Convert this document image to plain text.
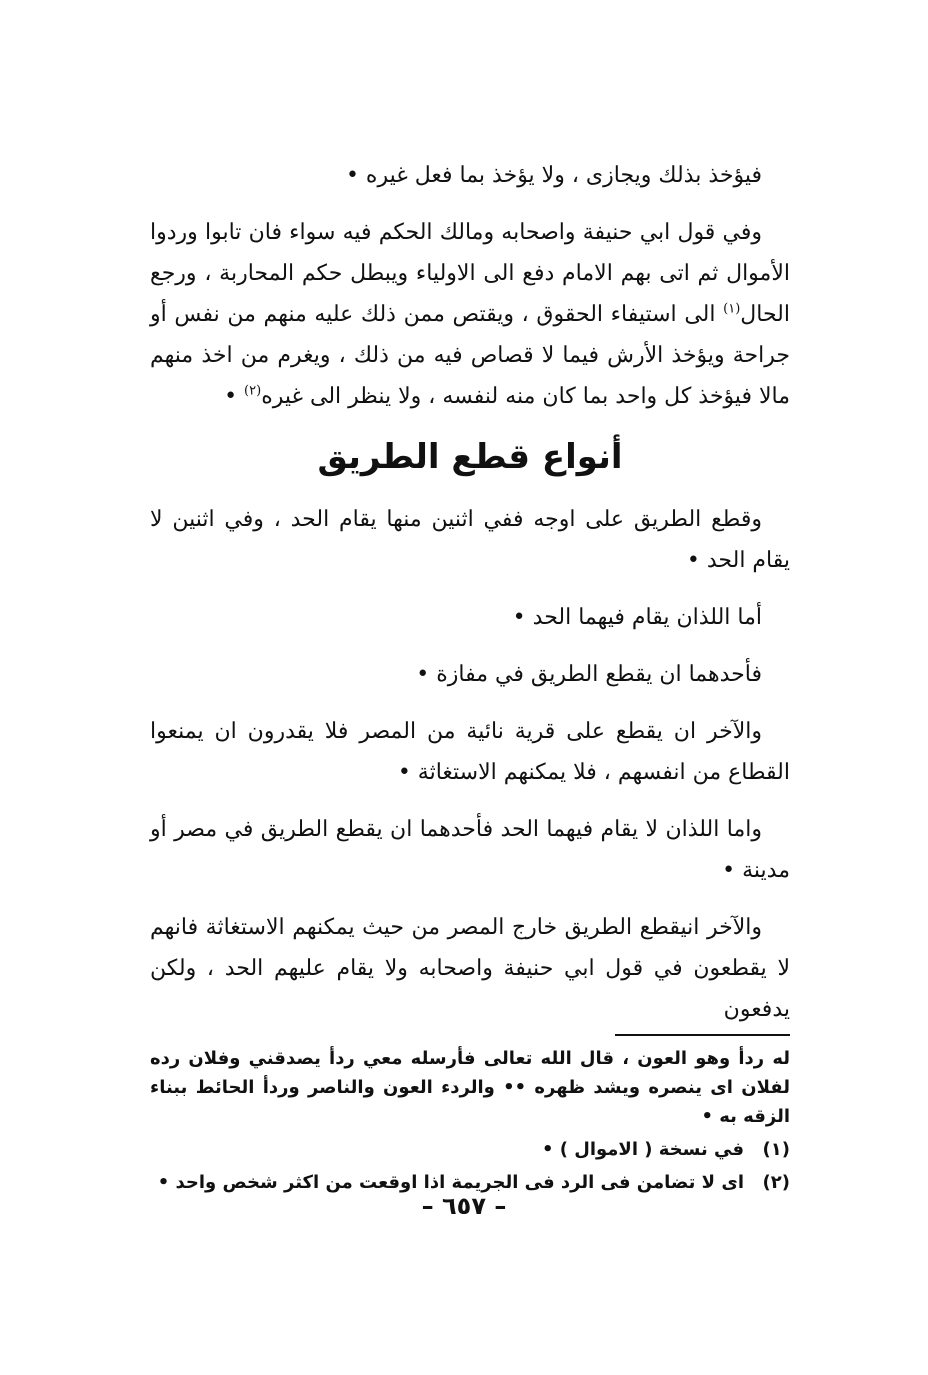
فيؤخذ بذلك ويجازى ، ولا يؤخذ بما فعل غيره •

وفي قول ابي حنيفة واصحابه ومالك الحكم فيه سواء فان تابوا وردوا الأموال ثم اتى بهم الامام دفع الى الاولياء ويبطل حكم المحاربة ، ورجع الحال$^{(١)}$ الى استيفاء الحقوق ، ويقتص ممن ذلك عليه منهم من نفس أو جراحة ويؤخذ الأرش فيما لا قصاص فيه من ذلك ، ويغرم من اخذ منهم مالا فيؤخذ كل واحد بما كان منه لنفسه ، ولا ينظر الى غيره$^{(٢)}$ •

أنواع قطع الطريق

وقطع الطريق على اوجه ففي اثنين منها يقام الحد ، وفي اثنين لا يقام الحد •

أما اللذان يقام فيهما الحد •

فأحدهما ان يقطع الطريق في مفازة •

والآخر ان يقطع على قرية نائية من المصر فلا يقدرون ان يمنعوا القطاع من انفسهم ، فلا يمكنهم الاستغاثة •

واما اللذان لا يقام فيهما الحد فأحدهما ان يقطع الطريق في مصر أو مدينة •

والآخر انيقطع الطريق خارج المصر من حيث يمكنهم الاستغاثة فانهم لا يقطعون في قول ابي حنيفة واصحابه ولا يقام عليهم الحد ، ولكن يدفعون

له ردأ وهو العون ، قال الله تعالى فأرسله معي ردأ يصدقني وفلان رده لفلان اى ينصره ويشد ظهره •• والردء العون والناصر وردأ الحائط ببناء الزقه به •

(١)في نسخة ( الاموال ) •

(٢)اى لا تضامن فى الرد فى الجريمة اذا اوقعت من اكثر شخص واحد •

– ٦٥٧ –
